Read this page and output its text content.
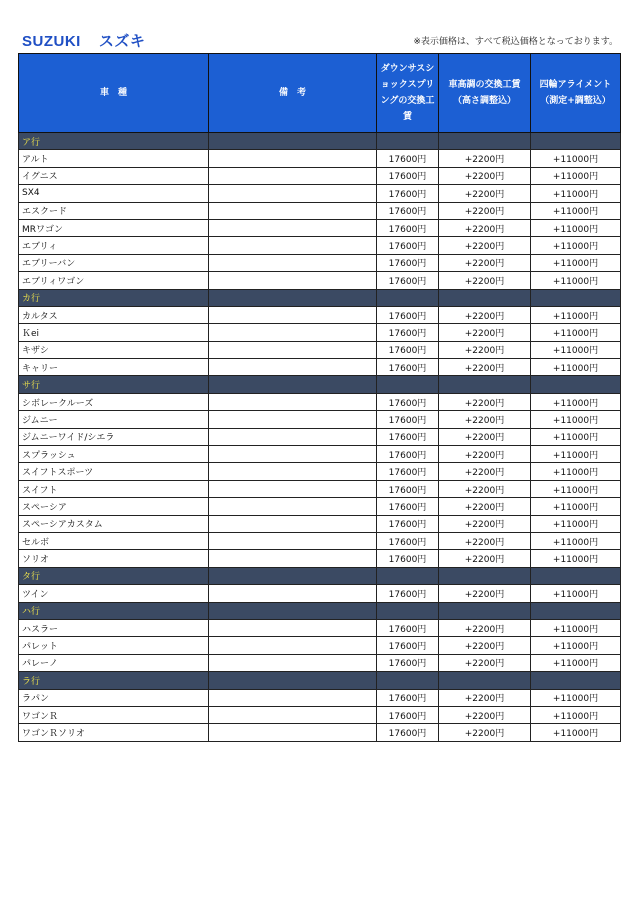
SUZUKI スズキ	※表示価格は、すべて税込価格となっております。
車　種	備　考	ダウンサスショックスプリングの交換工賃	車高調の交換工賃（高さ調整込）	四輪アライメント（測定+調整込）
ア行				
アルト		17600円	+2200円	+11000円
イグニス		17600円	+2200円	+11000円
SX4		17600円	+2200円	+11000円
エスクード		17600円	+2200円	+11000円
MRワゴン		17600円	+2200円	+11000円
エブリィ		17600円	+2200円	+11000円
エブリーバン		17600円	+2200円	+11000円
エブリィワゴン		17600円	+2200円	+11000円
カ行				
カルタス		17600円	+2200円	+11000円
Ｋei		17600円	+2200円	+11000円
キザシ		17600円	+2200円	+11000円
キャリー		17600円	+2200円	+11000円
サ行				
シボレークルーズ		17600円	+2200円	+11000円
ジムニー		17600円	+2200円	+11000円
ジムニーワイド/シエラ		17600円	+2200円	+11000円
スプラッシュ		17600円	+2200円	+11000円
スイフトスポーツ		17600円	+2200円	+11000円
スイフト		17600円	+2200円	+11000円
スペーシア		17600円	+2200円	+11000円
スペーシアカスタム		17600円	+2200円	+11000円
セルボ		17600円	+2200円	+11000円
ソリオ		17600円	+2200円	+11000円
タ行				
ツイン		17600円	+2200円	+11000円
ハ行				
ハスラー		17600円	+2200円	+11000円
パレット		17600円	+2200円	+11000円
パレーノ		17600円	+2200円	+11000円
ラ行				
ラパン		17600円	+2200円	+11000円
ワゴンＲ		17600円	+2200円	+11000円
ワゴンＲソリオ		17600円	+2200円	+11000円
